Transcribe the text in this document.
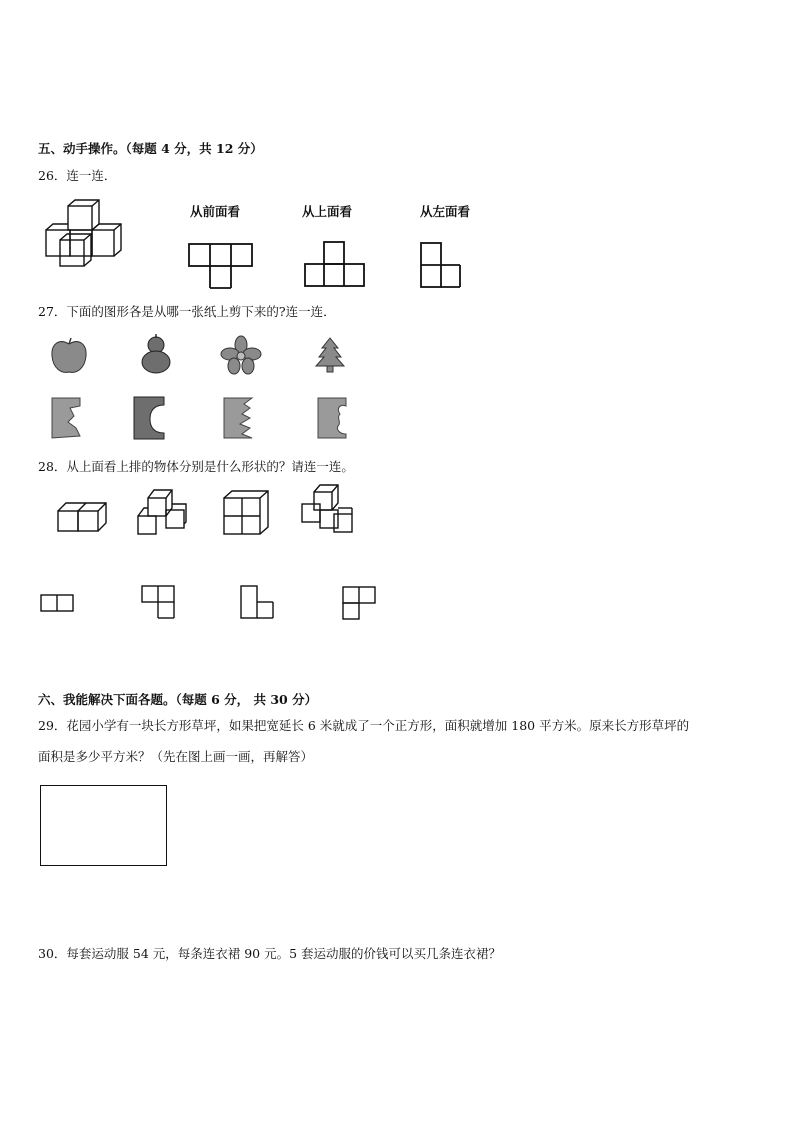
五、动手操作。（每题 4 分，共 12 分）
26．连一连．
从前面看	从上面看	从左面看
27．下面的图形各是从哪一张纸上剪下来的?连一连．
28．从上面看上排的物体分别是什么形状的？请连一连。
六、我能解决下面各题。（每题 6 分， 共 30 分）
29．花园小学有一块长方形草坪，如果把宽延长 6 米就成了一个正方形，面积就增加 180 平方米。原来长方形草坪的
面积是多少平方米？（先在图上画一画，再解答）
30．每套运动服 54 元，每条连衣裙 90 元。5 套运动服的价钱可以买几条连衣裙？
